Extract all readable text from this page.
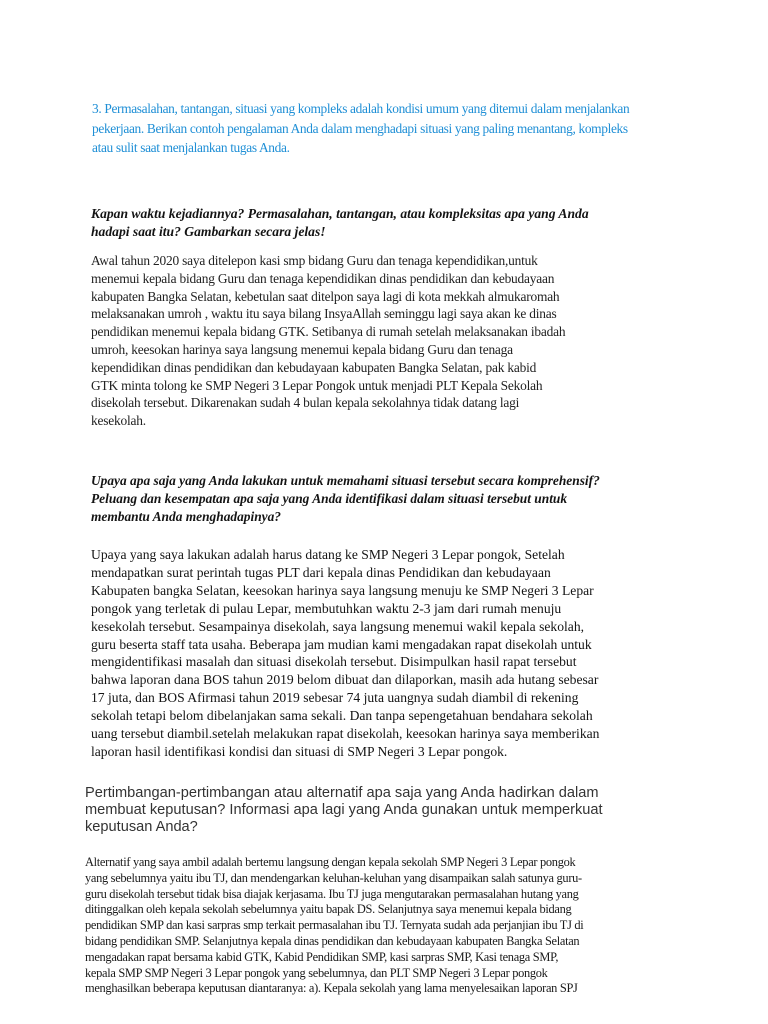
3. Permasalahan, tantangan, situasi yang kompleks adalah kondisi umum yang ditemui dalam menjalankan
pekerjaan. Berikan contoh pengalaman Anda dalam menghadapi situasi yang paling menantang, kompleks
atau sulit saat menjalankan tugas Anda.

Kapan waktu kejadiannya? Permasalahan, tantangan, atau kompleksitas apa yang Anda
hadapi saat itu? Gambarkan secara jelas!

Awal tahun 2020 saya ditelepon kasi smp bidang Guru dan tenaga kependidikan,untuk
menemui kepala bidang Guru dan tenaga kependidikan dinas pendidikan dan kebudayaan
kabupaten Bangka Selatan, kebetulan saat ditelpon saya lagi di kota mekkah almukaromah
melaksanakan umroh , waktu itu saya bilang InsyaAllah seminggu lagi saya akan ke dinas
pendidikan menemui kepala bidang GTK. Setibanya di rumah setelah melaksanakan ibadah
umroh, keesokan harinya saya langsung menemui kepala bidang Guru dan tenaga
kependidikan dinas pendidikan dan kebudayaan kabupaten Bangka Selatan, pak kabid
GTK minta tolong ke SMP Negeri 3 Lepar Pongok untuk menjadi PLT Kepala Sekolah
disekolah tersebut. Dikarenakan sudah 4 bulan kepala sekolahnya tidak datang lagi
kesekolah.

Upaya apa saja yang Anda lakukan untuk memahami situasi tersebut secara komprehensif?
Peluang dan kesempatan apa saja yang Anda identifikasi dalam situasi tersebut untuk
membantu Anda menghadapinya?

Upaya yang saya lakukan adalah harus datang ke SMP Negeri 3 Lepar pongok, Setelah
mendapatkan surat perintah tugas PLT dari kepala dinas Pendidikan dan kebudayaan
Kabupaten bangka Selatan, keesokan harinya saya langsung menuju ke SMP Negeri 3 Lepar
pongok yang terletak di pulau Lepar, membutuhkan waktu 2-3 jam dari rumah menuju
kesekolah tersebut. Sesampainya disekolah, saya langsung menemui wakil kepala sekolah,
guru beserta staff tata usaha. Beberapa jam mudian kami mengadakan rapat disekolah untuk
mengidentifikasi masalah dan situasi disekolah tersebut. Disimpulkan hasil rapat tersebut
bahwa laporan dana BOS tahun 2019 belom dibuat dan dilaporkan, masih ada hutang sebesar
17 juta, dan BOS Afirmasi tahun 2019 sebesar 74 juta uangnya sudah diambil di rekening
sekolah tetapi belom dibelanjakan sama sekali. Dan tanpa sepengetahuan bendahara sekolah
uang tersebut diambil.setelah melakukan rapat disekolah, keesokan harinya saya memberikan
laporan hasil identifikasi kondisi dan situasi di SMP Negeri 3 Lepar pongok.

Pertimbangan-pertimbangan atau alternatif apa saja yang Anda hadirkan dalam
membuat keputusan? Informasi apa lagi yang Anda gunakan untuk memperkuat
keputusan Anda?

Alternatif yang saya ambil adalah bertemu langsung dengan kepala sekolah SMP Negeri 3 Lepar pongok
yang sebelumnya yaitu ibu TJ, dan mendengarkan keluhan-keluhan yang disampaikan salah satunya guru-
guru disekolah tersebut tidak bisa diajak kerjasama. Ibu TJ juga mengutarakan permasalahan hutang yang
ditinggalkan oleh kepala sekolah sebelumnya yaitu bapak DS. Selanjutnya saya menemui kepala bidang
pendidikan SMP dan kasi sarpras smp terkait permasalahan ibu TJ. Ternyata sudah ada perjanjian ibu TJ di
bidang pendidikan SMP. Selanjutnya kepala dinas pendidikan dan kebudayaan kabupaten Bangka Selatan
mengadakan rapat bersama kabid GTK, Kabid Pendidikan SMP, kasi sarpras SMP, Kasi tenaga SMP,
kepala SMP SMP Negeri 3 Lepar pongok yang sebelumnya, dan PLT SMP Negeri 3 Lepar pongok
menghasilkan beberapa keputusan diantaranya: a). Kepala sekolah yang lama menyelesaikan laporan SPJ
